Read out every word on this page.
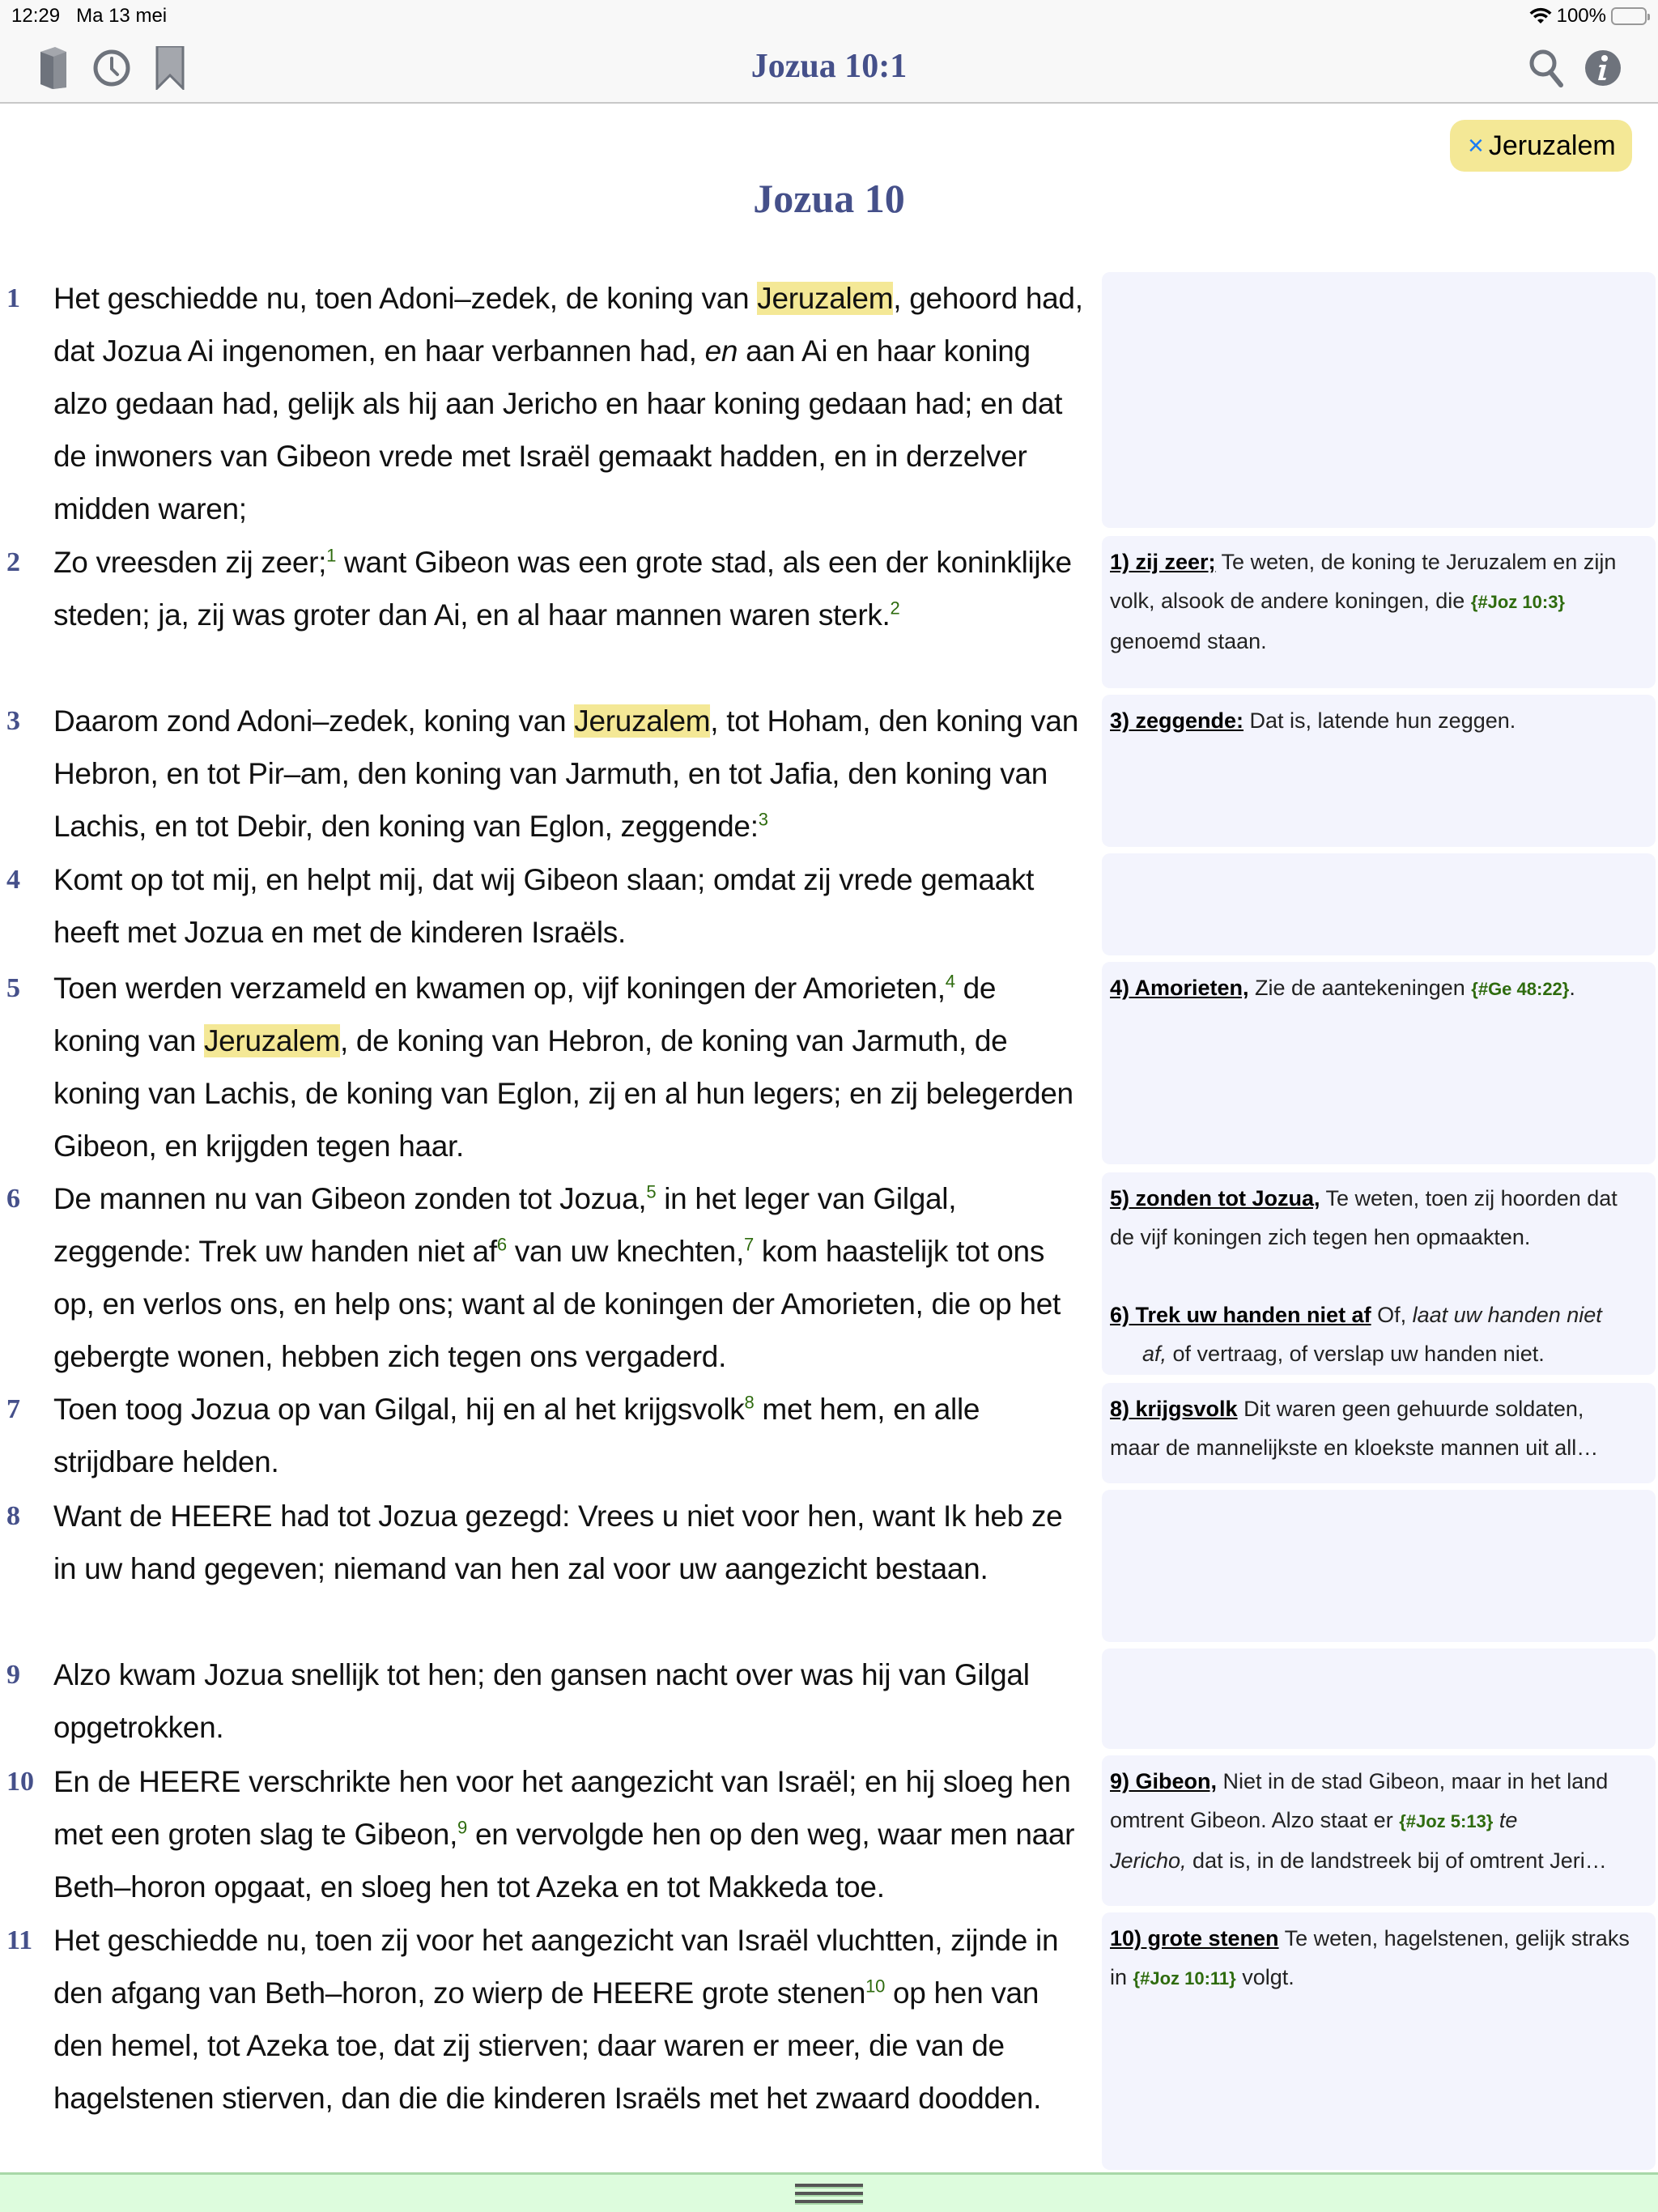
12:29 Ma 13 mei	100%
Jozua 10:1
× Jeruzalem
Jozua 10
1 Het geschiedde nu, toen Adoni–zedek, de koning van Jeruzalem, gehoord had, dat Jozua Ai ingenomen, en haar verbannen had, en aan Ai en haar koning alzo gedaan had, gelijk als hij aan Jericho en haar koning gedaan had; en dat de inwoners van Gibeon vrede met Israël gemaakt hadden, en in derzelver midden waren;
2 Zo vreesden zij zeer;$^1$ want Gibeon was een grote stad, als een der koninklijke steden; ja, zij was groter dan Ai, en al haar mannen waren sterk.$^2$
3 Daarom zond Adoni–zedek, koning van Jeruzalem, tot Hoham, den koning van Hebron, en tot Pir–am, den koning van Jarmuth, en tot Jafia, den koning van Lachis, en tot Debir, den koning van Eglon, zeggende:$^3$
4 Komt op tot mij, en helpt mij, dat wij Gibeon slaan; omdat zij vrede gemaakt heeft met Jozua en met de kinderen Israëls.
5 Toen werden verzameld en kwamen op, vijf koningen der Amorieten,$^4$ de koning van Jeruzalem, de koning van Hebron, de koning van Jarmuth, de koning van Lachis, de koning van Eglon, zij en al hun legers; en zij belegerden Gibeon, en krijgden tegen haar.
6 De mannen nu van Gibeon zonden tot Jozua,$^5$ in het leger van Gilgal, zeggende: Trek uw handen niet $af^6$ van uw knechten,$^7$ kom haastelijk tot ons op, en verlos ons, en help ons; want al de koningen der Amorieten, die op het gebergte wonen, hebben zich tegen ons vergaderd.
7 Toen toog Jozua op van Gilgal, hij en al het krijgsvolk$^8$ met hem, en alle strijdbare helden.
8 Want de HEERE had tot Jozua gezegd: Vrees u niet voor hen, want Ik heb ze in uw hand gegeven; niemand van hen zal voor uw aangezicht bestaan.
9 Alzo kwam Jozua snellijk tot hen; den gansen nacht over was hij van Gilgal opgetrokken.
10 En de HEERE verschrikte hen voor het aangezicht van Israël; en hij sloeg hen met een groten slag te Gibeon,$^9$ en vervolgde hen op den weg, waar men naar Beth–horon opgaat, en sloeg hen tot Azeka en tot Makkeda toe.
11 Het geschiedde nu, toen zij voor het aangezicht van Israël vluchtten, zijnde in den afgang van Beth–horon, zo wierp de HEERE grote stenen$^{10}$ op hen van den hemel, tot Azeka toe, dat zij stierven; daar waren er meer, die van de hagelstenen stierven, dan die die kinderen Israëls met het zwaard doodden.
1) zij zeer; Te weten, de koning te Jeruzalem en zijn volk, alsook de andere koningen, die {#Joz 10:3} genoemd staan.
3) zeggende: Dat is, latende hun zeggen.
4) Amorieten, Zie de aantekeningen {#Ge 48:22}.
5) zonden tot Jozua, Te weten, toen zij hoorden dat de vijf koningen zich tegen hen opmaakten.
6) Trek uw handen niet af Of, laat uw handen niet
af, of vertraag, of verslap uw handen niet.
8) krijgsvolk Dit waren geen gehuurde soldaten,
maar de mannelijkste en kloekste mannen uit all…
9) Gibeon, Niet in de stad Gibeon, maar in het land omtrent Gibeon. Alzo staat er {#Joz 5:13} te
Jericho, dat is, in de landstreek bij of omtrent Jeri…
10) grote stenen Te weten, hagelstenen, gelijk straks in {#Joz 10:11} volgt.
